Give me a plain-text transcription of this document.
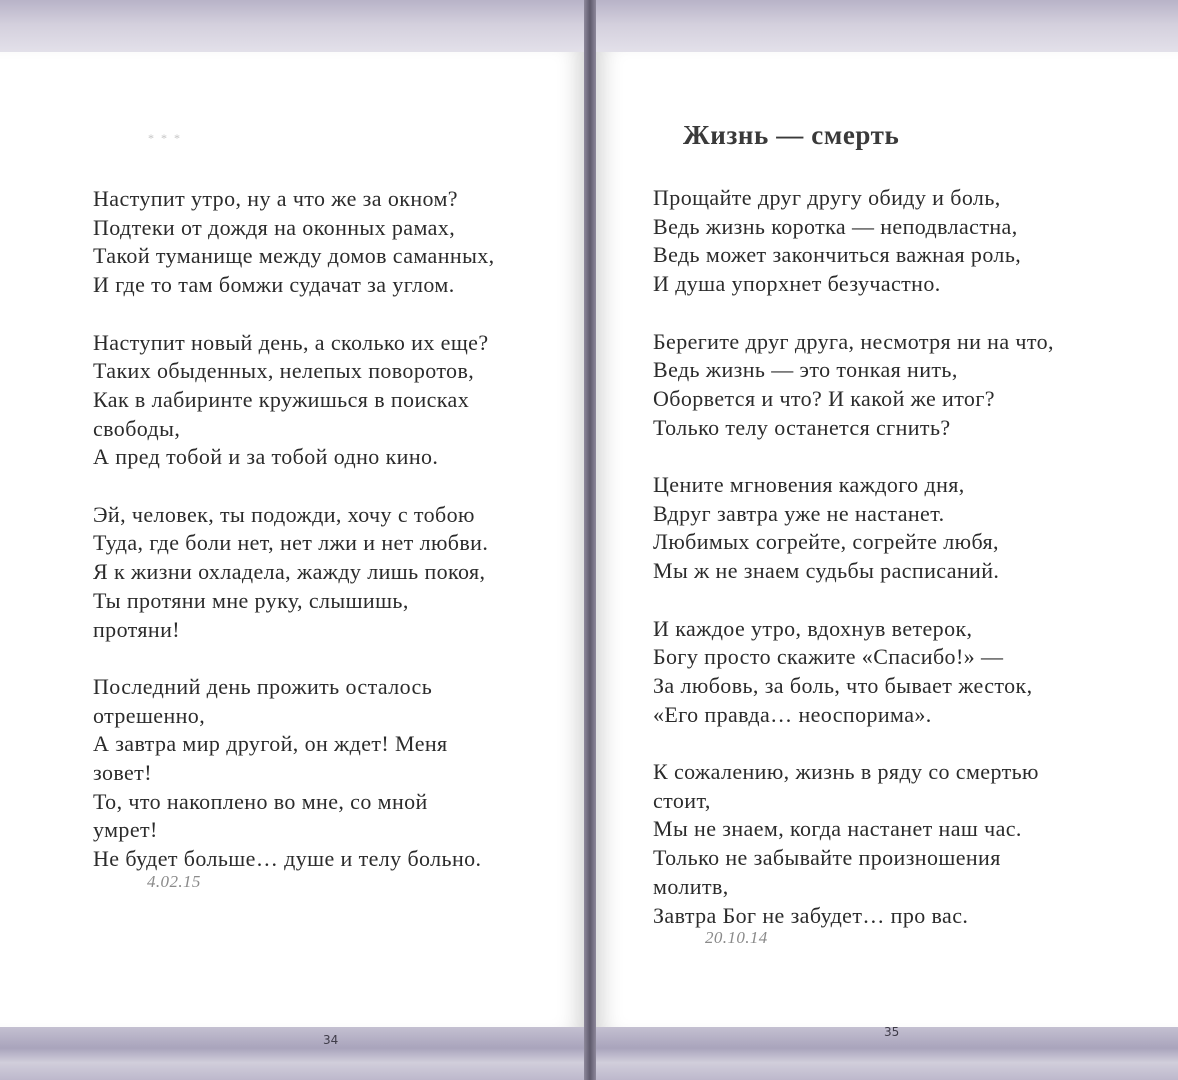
* * *
Наступит утро, ну а что же за окном?
Подтеки от дождя на оконных рамах,
Такой туманище между домов саманных,
И где то там бомжи судачат за углом.
Наступит новый день, а сколько их еще?
Таких обыденных, нелепых поворотов,
Как в лабиринте кружишься в поисках
свободы,
А пред тобой и за тобой одно кино.
Эй, человек, ты подожди, хочу с тобою
Туда, где боли нет, нет лжи и нет любви.
Я к жизни охладела, жажду лишь покоя,
Ты протяни мне руку, слышишь,
протяни!
Последний день прожить осталось
отрешенно,
А завтра мир другой, он ждет! Меня
зовет!
То, что накоплено во мне, со мной
умрет!
Не будет больше… душе и телу больно.
4.02.15
Жизнь — смерть
Прощайте друг другу обиду и боль,
Ведь жизнь коротка — неподвластна,
Ведь может закончиться важная роль,
И душа упорхнет безучастно.
Берегите друг друга, несмотря ни на что,
Ведь жизнь — это тонкая нить,
Оборвется и что? И какой же итог?
Только телу останется сгнить?
Цените мгновения каждого дня,
Вдруг завтра уже не настанет.
Любимых согрейте, согрейте любя,
Мы ж не знаем судьбы расписаний.
И каждое утро, вдохнув ветерок,
Богу просто скажите «Спасибо!» —
За любовь, за боль, что бывает жесток,
«Его правда… неоспорима».
К сожалению, жизнь в ряду со смертью
стоит,
Мы не знаем, когда настанет наш час.
Только не забывайте произношения
молитв,
Завтра Бог не забудет… про вас.
20.10.14
34
35
